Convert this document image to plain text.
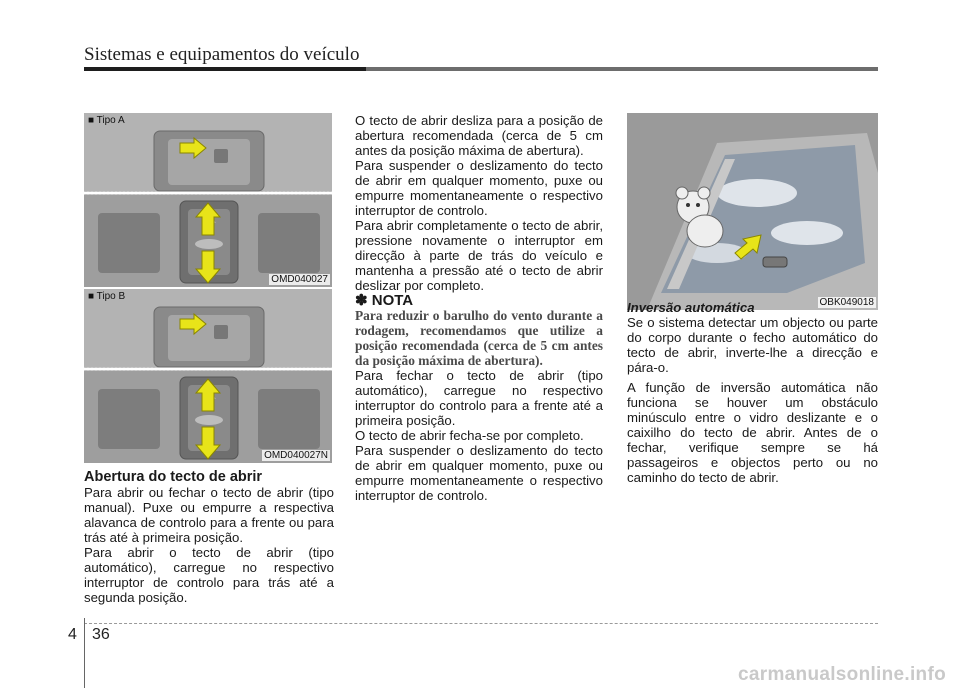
Sistemas e equipamentos do veículo
■ Tipo A
OMD040027
■ Tipo B
OMD040027N
OBK049018

Abertura do tecto de abrir

Para abrir ou fechar o tecto de abrir (tipo manual). Puxe ou empurre a respectiva alavanca de controlo para a frente ou para trás até à primeira posição.

Para abrir o tecto de abrir (tipo automático), carregue no respectivo interruptor de controlo para trás até a segunda posição.

O tecto de abrir desliza para a posição de abertura recomendada (cerca de 5 cm antes da posição máxima de abertura).

Para suspender o deslizamento do tecto de abrir em qualquer momento, puxe ou empurre momentaneamente o respectivo interruptor de controlo.

Para abrir completamente o tecto de abrir, pressione novamente o interruptor em direcção à parte de trás do veículo e mantenha a pressão até o tecto de abrir deslizar por completo.

✽ NOTA

Para reduzir o barulho do vento durante a rodagem, recomendamos que utilize a posição recomendada (cerca de 5 cm antes da posição máxima de abertura).

Para fechar o tecto de abrir (tipo automático), carregue no respectivo interruptor do controlo para a frente até a primeira posição.

O tecto de abrir fecha-se por completo.

Para suspender o deslizamento do tecto de abrir em qualquer momento, puxe ou empurre momentaneamente o respectivo interruptor de controlo.

Inversão automática

Se o sistema detectar um objecto ou parte do corpo durante o fecho automático do tecto de abrir, inverte-lhe a direcção e pára-o.

A função de inversão automática não funciona se houver um obstáculo minúsculo entre o vidro deslizante e o caixilho do tecto de abrir. Antes de o fechar, verifique sempre se há passageiros e objectos perto ou no caminho do tecto de abrir.

4 36
carmanualsonline.info
